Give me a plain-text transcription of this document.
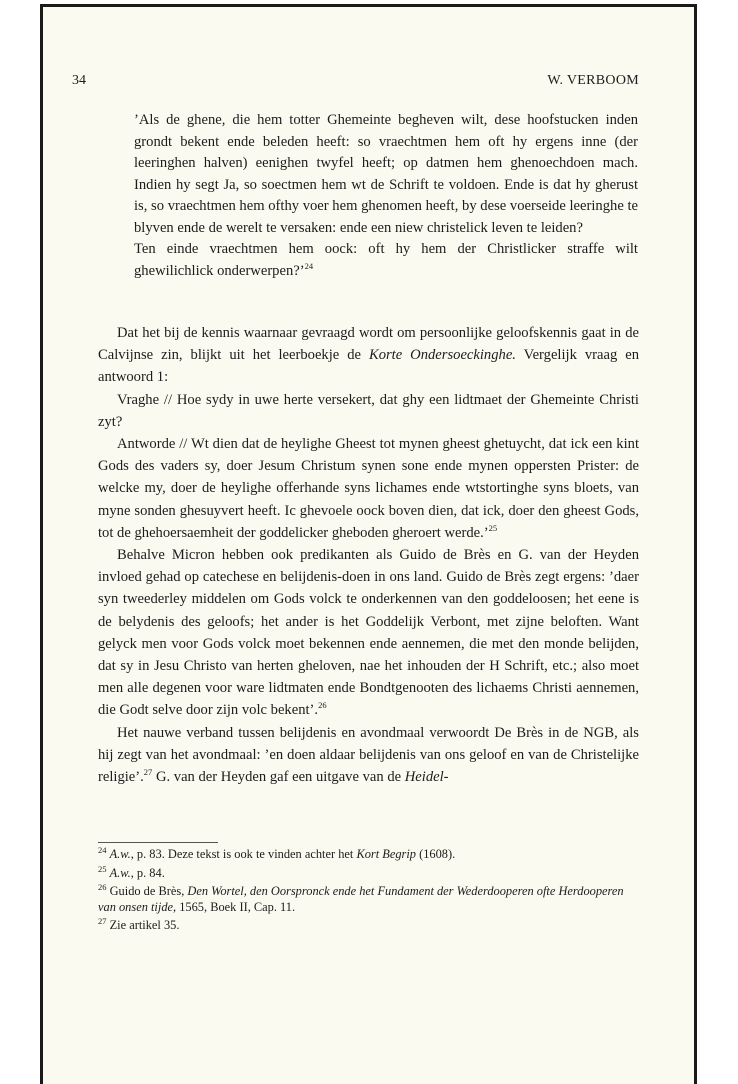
34	W. VERBOOM

’Als de ghene, die hem totter Ghemeinte begheven wilt, dese hoofstucken inden grondt bekent ende beleden heeft: so vraechtmen hem oft hy ergens inne (der leeringhen halven) eenighen twyfel heeft; op datmen hem ghenoechdoen mach. Indien hy segt Ja, so soectmen hem wt de Schrift te voldoen. Ende is dat hy gherust is, so vraechtmen hem ofthy voer hem ghenomen heeft, by dese voerseide leeringhe te blyven ende de werelt te versaken: ende een niew christelick leven te leiden?

Ten einde vraechtmen hem oock: oft hy hem der Christlicker straffe wilt ghewilichlick onderwerpen?’$^{24}$

Dat het bij de kennis waarnaar gevraagd wordt om persoonlijke geloofskennis gaat in de Calvijnse zin, blijkt uit het leerboekje de Korte Ondersoeckinghe. Vergelijk vraag en antwoord 1:

Vraghe // Hoe sydy in uwe herte versekert, dat ghy een lidtmaet der Ghemeinte Christi zyt?

Antworde // Wt dien dat de heylighe Gheest tot mynen gheest ghetuycht, dat ick een kint Gods des vaders sy, doer Jesum Christum synen sone ende mynen oppersten Prister: de welcke my, doer de heylighe offerhande syns lichames ende wtstortinghe syns bloets, van myne sonden ghesuyvert heeft. Ic ghevoele oock boven dien, dat ick, doer den gheest Gods, tot de ghehoersaemheit der goddelicker gheboden gheroert werde.’$^{25}$

Behalve Micron hebben ook predikanten als Guido de Brès en G. van der Heyden invloed gehad op catechese en belijdenis-doen in ons land. Guido de Brès zegt ergens: ’daer syn tweederley middelen om Gods volck te onderkennen van den goddeloosen; het eene is de belydenis des geloofs; het ander is het Goddelijk Verbont, met zijne beloften. Want gelyck men voor Gods volck moet bekennen ende aennemen, die met den monde belijden, dat sy in Jesu Christo van herten gheloven, nae het inhouden der H Schrift, etc.; also moet men alle degenen voor ware lidtmaten ende Bondtgenooten des lichaems Christi aennemen, die Godt selve door zijn volc bekent’.$^{26}$

Het nauwe verband tussen belijdenis en avondmaal verwoordt De Brès in de NGB, als hij zegt van het avondmaal: ’en doen aldaar belijdenis van ons geloof en van de Christelijke religie’.$^{27}$ G. van der Heyden gaf een uitgave van de Heidel-

$^{24}$ A.w., p. 83. Deze tekst is ook te vinden achter het Kort Begrip (1608).

$^{25}$ A.w., p. 84.

$^{26}$ Guido de Brès, Den Wortel, den Oorspronck ende het Fundament der Wederdooperen ofte Herdooperen van onsen tijde, 1565, Boek II, Cap. 11.

$^{27}$ Zie artikel 35.
